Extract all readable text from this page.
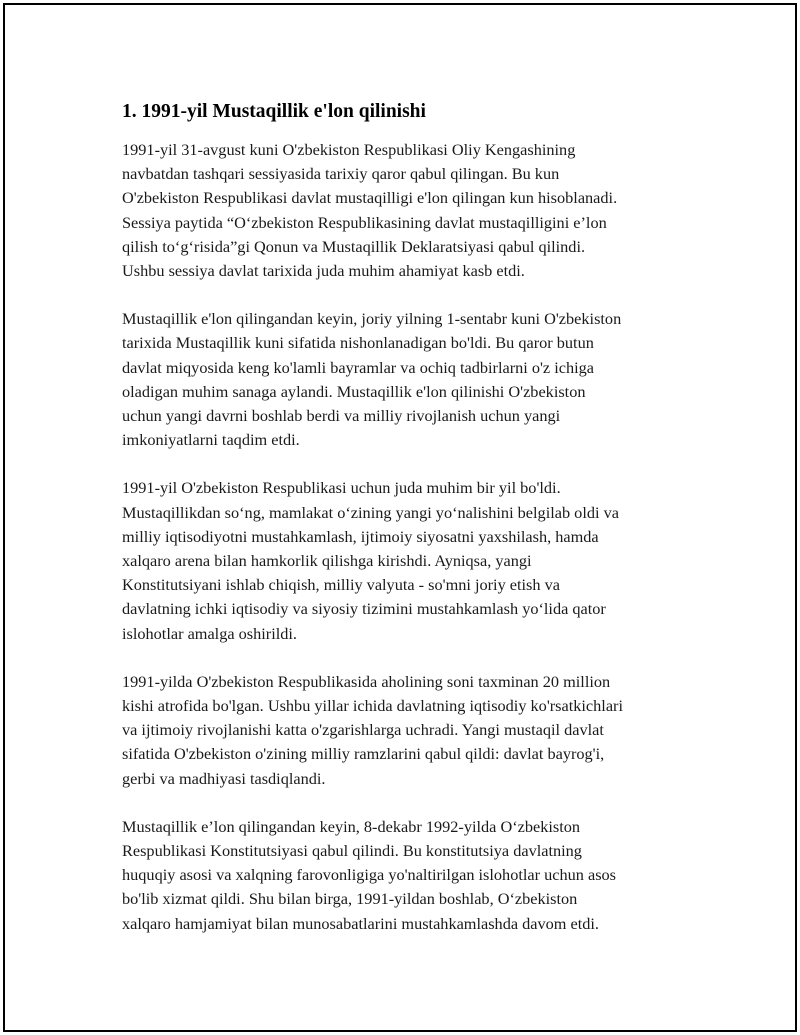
1. 1991-yil Mustaqillik e'lon qilinishi

1991-yil 31-avgust kuni O'zbekiston Respublikasi Oliy Kengashining
navbatdan tashqari sessiyasida tarixiy qaror qabul qilingan. Bu kun
O'zbekiston Respublikasi davlat mustaqilligi e'lon qilingan kun hisoblanadi.
Sessiya paytida “O‘zbekiston Respublikasining davlat mustaqilligini e’lon
qilish to‘g‘risida”gi Qonun va Mustaqillik Deklaratsiyasi qabul qilindi.
Ushbu sessiya davlat tarixida juda muhim ahamiyat kasb etdi.

Mustaqillik e'lon qilingandan keyin, joriy yilning 1-sentabr kuni O'zbekiston
tarixida Mustaqillik kuni sifatida nishonlanadigan bo'ldi. Bu qaror butun
davlat miqyosida keng ko'lamli bayramlar va ochiq tadbirlarni o'z ichiga
oladigan muhim sanaga aylandi. Mustaqillik e'lon qilinishi O'zbekiston
uchun yangi davrni boshlab berdi va milliy rivojlanish uchun yangi
imkoniyatlarni taqdim etdi.

1991-yil O'zbekiston Respublikasi uchun juda muhim bir yil bo'ldi.
Mustaqillikdan so‘ng, mamlakat o‘zining yangi yo‘nalishini belgilab oldi va
milliy iqtisodiyotni mustahkamlash, ijtimoiy siyosatni yaxshilash, hamda
xalqaro arena bilan hamkorlik qilishga kirishdi. Ayniqsa, yangi
Konstitutsiyani ishlab chiqish, milliy valyuta - so'mni joriy etish va
davlatning ichki iqtisodiy va siyosiy tizimini mustahkamlash yo‘lida qator
islohotlar amalga oshirildi.

1991-yilda O'zbekiston Respublikasida aholining soni taxminan 20 million
kishi atrofida bo'lgan. Ushbu yillar ichida davlatning iqtisodiy ko'rsatkichlari
va ijtimoiy rivojlanishi katta o'zgarishlarga uchradi. Yangi mustaqil davlat
sifatida O'zbekiston o'zining milliy ramzlarini qabul qildi: davlat bayrog'i,
gerbi va madhiyasi tasdiqlandi.

Mustaqillik e’lon qilingandan keyin, 8-dekabr 1992-yilda O‘zbekiston
Respublikasi Konstitutsiyasi qabul qilindi. Bu konstitutsiya davlatning
huquqiy asosi va xalqning farovonligiga yo'naltirilgan islohotlar uchun asos
bo'lib xizmat qildi. Shu bilan birga, 1991-yildan boshlab, O‘zbekiston
xalqaro hamjamiyat bilan munosabatlarini mustahkamlashda davom etdi.
